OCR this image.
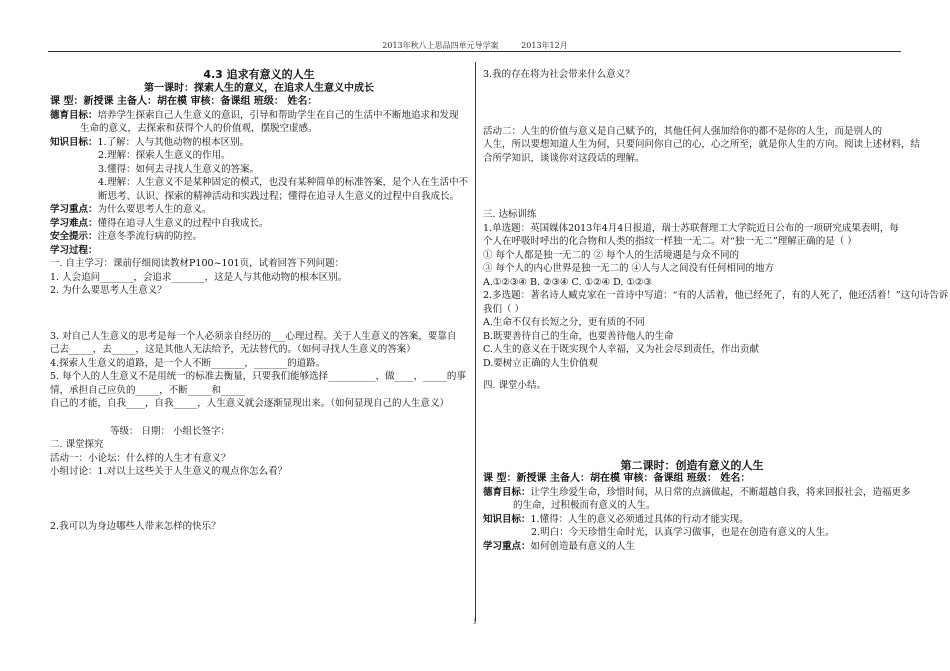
2013年秋八上思品四单元导学案	2013年12月
4.3 追求有意义的人生
第一课时：探索人生的意义，在追求人生意义中成长
课 型：新授课 主备人：胡在模 审核：备课组 班级： 姓名：
德育目标：培养学生探索自己人生意义的意识，引导和帮助学生在自己的生活中不断地追求和发现
生命的意义，去探索和获得个人的价值观，摆脱空虚感。
知识目标：1.了解：人与其他动物的根本区别。
2.理解：探索人生意义的作用。
3.懂得：如何去寻找人生意义的答案。
4.理解：人生意义不是某种固定的模式，也没有某种简单的标准答案，是个人在生活中不
断思考、认识、探索的精神活动和实践过程；懂得在追寻人生意义的过程中自我成长。
学习重点：为什么要思考人生的意义。
学习难点：懂得在追寻人生意义的过程中自我成长。
安全提示：注意冬季流行病的防控。
学习过程：
一. 自主学习：课前仔细阅读教材P100~101页，试着回答下列问题：
1. 人会追问_______，会追求_______，这是人与其他动物的根本区别。
2. 为什么要思考人生意义？
3. 对自己人生意义的思考是每一个人必须亲自经历的___心理过程。关于人生意义的答案，要靠自
己去_____，去_____，这是其他人无法给予，无法替代的。（如何寻找人生意义的答案）
4.探索人生意义的道路，是一个人不断_______，_______的道路。
5. 每个人的人生意义不是用统一的标准去衡量，只要我们能够选择__________，做____，_____的事
情，承担自己应负的_____，不断_____和_____
自己的才能，自我____，自我_____，人生意义就会逐渐显现出来。（如何显现自己的人生意义）
等级： 日期： 小组长签字：
二. 课堂探究
活动一：小论坛：什么样的人生才有意义？
小组讨论：1.对以上这些关于人生意义的观点你怎么看？
2.我可以为身边哪些人带来怎样的快乐？
3.我的存在将为社会带来什么意义？
活动二：人生的价值与意义是自己赋予的，其他任何人强加给你的都不是你的人生，而是别人的
人生，所以要想知道人生为何，只要问问你自己的心，心之所至，就是你人生的方向。阅读上述材料，结
合所学知识，谈谈你对这段话的理解。
三. 达标训练
1.单选题：英国媒体2013年4月4日报道，瑞士苏联督理工大学院近日公布的一项研究成果表明，每
个人在呼吸时呼出的化合物和人类的指纹一样独一无二。对“独一无二”理解正确的是（ ）
① 每个人都是独一无二的 ② 每个人的生活境遇是与众不同的
③ 每个人的内心世界是独一无二的 ④人与人之间没有任何相同的地方
A.①②③④ B. ②③④ C. ①②④ D. ①②③
2.多选题：著名诗人臧克家在一首诗中写道：“有的人活着，他已经死了，有的人死了，他还活着！”这句诗告诉
我们（ ）
A.生命不仅有长短之分，更有质的不同
B.既要善待自己的生命，也要善待他人的生命
C.人生的意义在于既实现个人幸福，又为社会尽到责任，作出贡献
D.要树立正确的人生价值观
四. 课堂小结。
第二课时：创造有意义的人生
课 型：新授课 主备人：胡在模 审核：备课组 班级： 姓名：
德育目标：让学生珍爱生命，珍惜时间，从日常的点滴做起，不断超越自我，将来回报社会，造福更多
的生命，过积极而有意义的人生。
知识目标：1.懂得：人生的意义必须通过具体的行动才能实现。
2.明白：今天珍惜生命时光，认真学习做事，也是在创造有意义的人生。
学习重点：如何创造最有意义的人生
1
